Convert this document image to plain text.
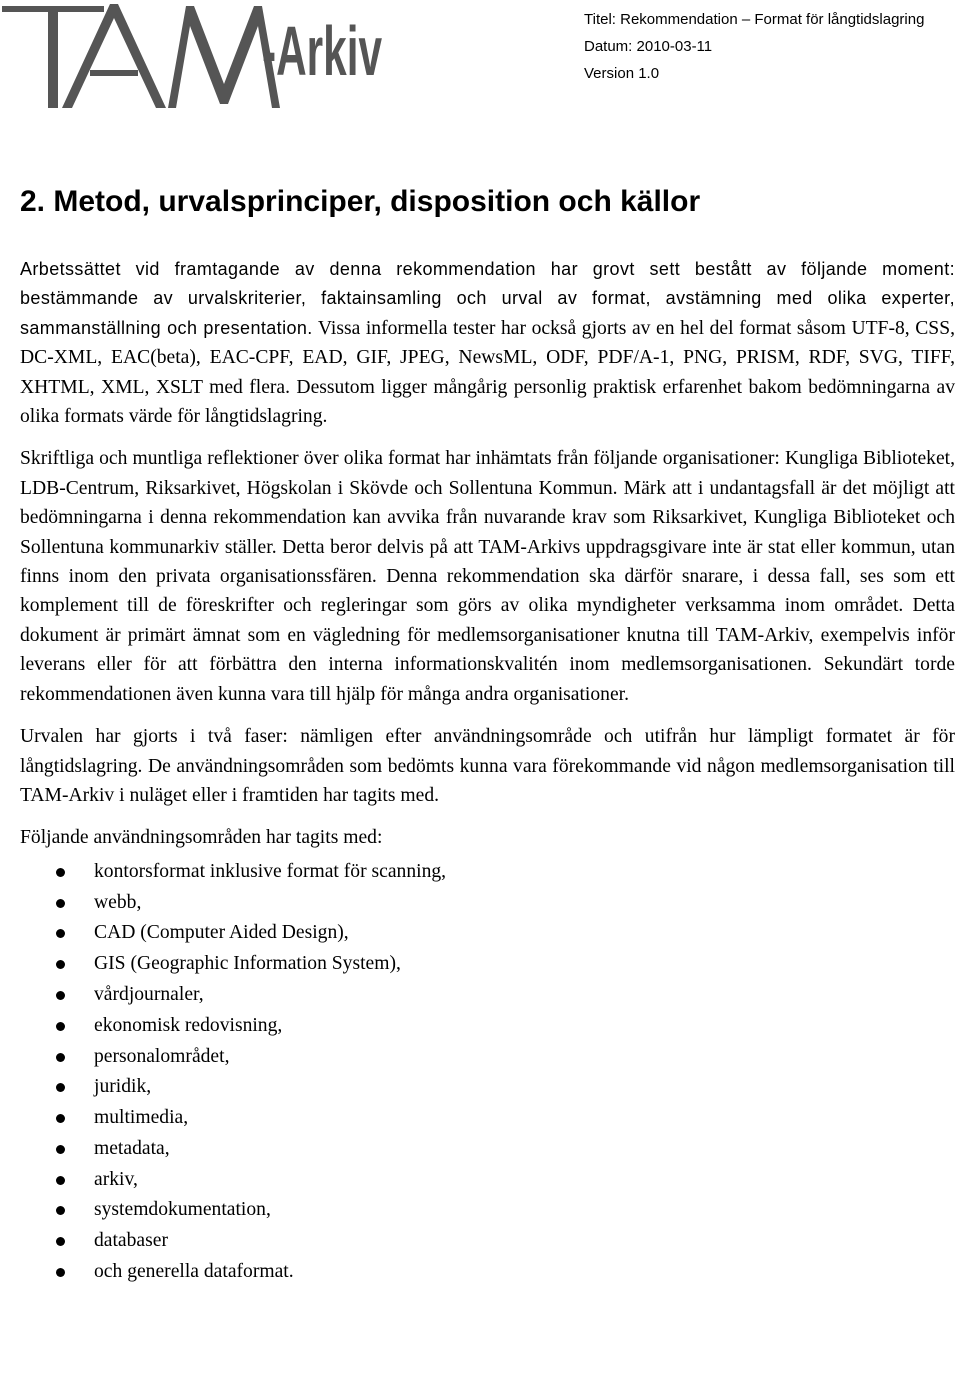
-Arkiv	Titel: Rekommendation – Format för långtidslagring
Datum: 2010-03-11
Version 1.0
2. Metod, urvalsprinciper, disposition och källor

Arbetssättet vid framtagande av denna rekommendation har grovt sett bestått av följande moment: bestämmande av urvalskriterier, faktainsamling och urval av format, avstämning med olika experter, sammanställning och presentation. Vissa informella tester har också gjorts av en hel del format såsom UTF-8, CSS, DC-XML, EAC(beta), EAC-CPF, EAD, GIF, JPEG, NewsML, ODF, PDF/A-1, PNG, PRISM, RDF, SVG, TIFF, XHTML, XML, XSLT med flera. Dessutom ligger mångårig personlig praktisk erfarenhet bakom bedömningarna av olika formats värde för långtidslagring.

Skriftliga och muntliga reflektioner över olika format har inhämtats från följande organisationer: Kungliga Biblioteket, LDB-Centrum, Riksarkivet, Högskolan i Skövde och Sollentuna Kommun. Märk att i undantagsfall är det möjligt att bedömningarna i denna rekommendation kan avvika från nuvarande krav som Riksarkivet, Kungliga Biblioteket och Sollentuna kommunarkiv ställer. Detta beror delvis på att TAM-Arkivs uppdragsgivare inte är stat eller kommun, utan finns inom den privata organisationssfären. Denna rekommendation ska därför snarare, i dessa fall, ses som ett komplement till de föreskrifter och regleringar som görs av olika myndigheter verksamma inom området. Detta dokument är primärt ämnat som en vägledning för medlemsorganisationer knutna till TAM-Arkiv, exempelvis inför leverans eller för att förbättra den interna informationskvalitén inom medlemsorganisationen. Sekundärt torde rekommendationen även kunna vara till hjälp för många andra organisationer.

Urvalen har gjorts i två faser: nämligen efter användningsområde och utifrån hur lämpligt formatet är för långtidslagring. De användningsområden som bedömts kunna vara förekommande vid någon medlemsorganisation till TAM-Arkiv i nuläget eller i framtiden har tagits med.

Följande användningsområden har tagits med:

kontorsformat inklusive format för scanning,
webb,
CAD (Computer Aided Design),
GIS (Geographic Information System),
vårdjournaler,
ekonomisk redovisning,
personalområdet,
juridik,
multimedia,
metadata,
arkiv,
systemdokumentation,
databaser
och generella dataformat.
